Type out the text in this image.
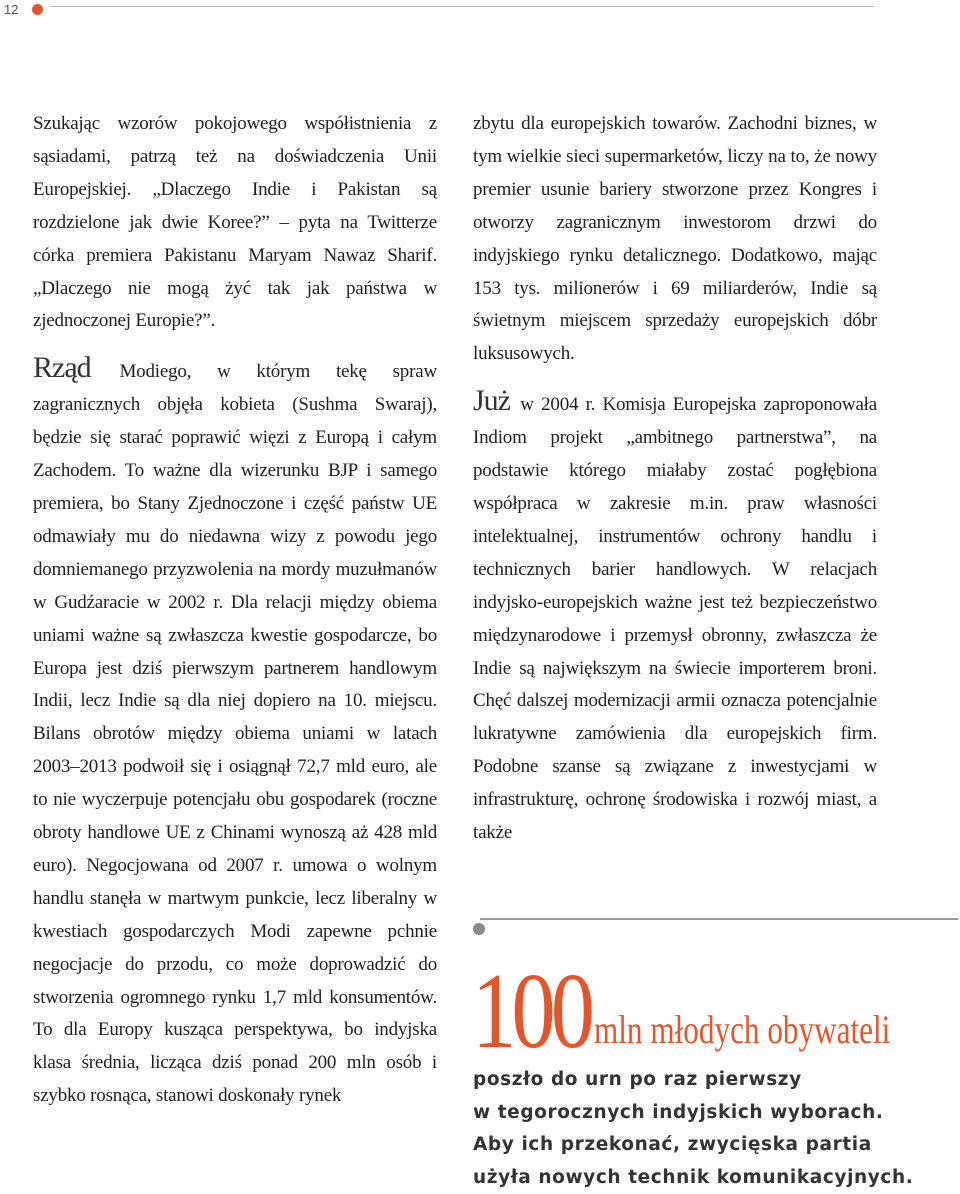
12

Szukając wzorów pokojowego współistnienia z sąsiadami, patrzą też na doświadczenia Unii Europejskiej. „Dlaczego Indie i Pakistan są rozdzielone jak dwie Koree?” – pyta na Twitterze córka premiera Pakistanu Maryam Nawaz Sharif. „Dlaczego nie mogą żyć tak jak państwa w zjednoczonej Europie?”.

Rząd Modiego, w którym tekę spraw zagranicznych objęła kobieta (Sushma Swaraj), będzie się starać poprawić więzi z Europą i całym Zachodem. To ważne dla wizerunku BJP i samego premiera, bo Stany Zjednoczone i część państw UE odmawiały mu do niedawna wizy z powodu jego domniemanego przyzwolenia na mordy muzułmanów w Gudźaracie w 2002 r. Dla relacji między obiema uniami ważne są zwłaszcza kwestie gospodarcze, bo Europa jest dziś pierwszym partnerem handlowym Indii, lecz Indie są dla niej dopiero na 10. miejscu. Bilans obrotów między obiema uniami w latach 2003–2013 podwoił się i osiągnął 72,7 mld euro, ale to nie wyczerpuje potencjału obu gospodarek (roczne obroty handlowe UE z Chinami wynoszą aż 428 mld euro). Negocjowana od 2007 r. umowa o wolnym handlu stanęła w martwym punkcie, lecz liberalny w kwestiach gospodarczych Modi zapewne pchnie negocjacje do przodu, co może doprowadzić do stworzenia ogromnego rynku 1,7 mld konsumentów. To dla Europy kusząca perspektywa, bo indyjska klasa średnia, licząca dziś ponad 200 mln osób i szybko rosnąca, stanowi doskonały rynek

zbytu dla europejskich towarów. Zachodni biznes, w tym wielkie sieci supermarketów, liczy na to, że nowy premier usunie bariery stworzone przez Kongres i otworzy zagranicznym inwestorom drzwi do indyjskiego rynku detalicznego. Dodatkowo, mając 153 tys. milionerów i 69 miliarderów, Indie są świetnym miejscem sprzedaży europejskich dóbr luksusowych.

Już w 2004 r. Komisja Europejska zaproponowała Indiom projekt „ambitnego partnerstwa”, na podstawie którego miałaby zostać pogłębiona współpraca w zakresie m.in. praw własności intelektualnej, instrumentów ochrony handlu i technicznych barier handlowych. W relacjach indyjsko-europejskich ważne jest też bezpieczeństwo międzynarodowe i przemysł obronny, zwłaszcza że Indie są największym na świecie importerem broni. Chęć dalszej modernizacji armii oznacza potencjalnie lukratywne zamówienia dla europejskich firm. Podobne szanse są związane z inwestycjami w infrastrukturę, ochronę środowiska i rozwój miast, a także

100 mln młodych obywateli
poszło do urn po raz pierwszy
w tegorocznych indyjskich wyborach.
Aby ich przekonać, zwycięska partia
użyła nowych technik komunikacyjnych.
